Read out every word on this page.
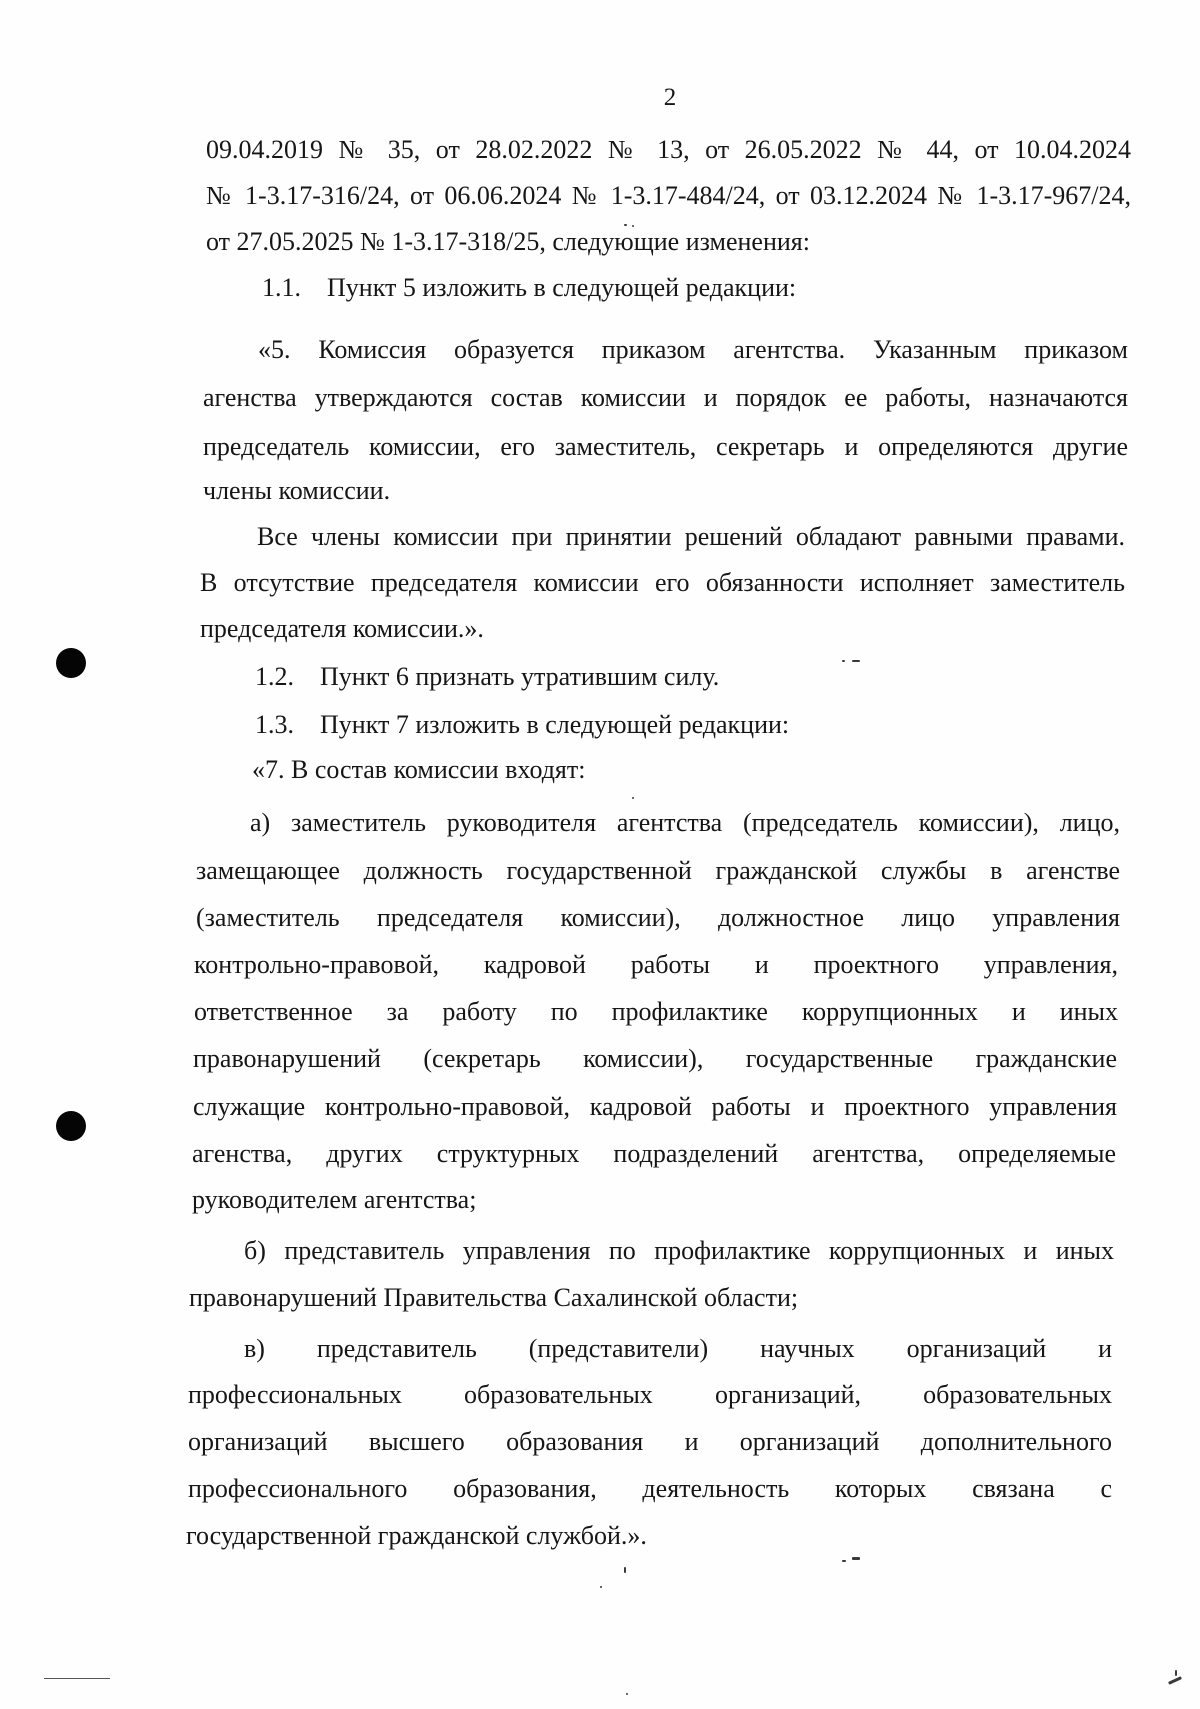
2
09.04.2019 № 35, от 28.02.2022 № 13, от 26.05.2022 № 44, от 10.04.2024
№ 1-3.17-316/24, от 06.06.2024 № 1-3.17-484/24, от 03.12.2024 № 1-3.17-967/24,
от 27.05.2025 № 1-3.17-318/25, следующие изменения:
1.1.    Пункт 5 изложить в следующей редакции:
«5. Комиссия образуется приказом агентства. Указанным приказом
агенства утверждаются состав комиссии и порядок ее работы, назначаются
председатель комиссии, его заместитель, секретарь и определяются другие
члены комиссии.
Все члены комиссии при принятии решений обладают равными правами.
В отсутствие председателя комиссии его обязанности исполняет заместитель
председателя комиссии.».
1.2.    Пункт 6 признать утратившим силу.
1.3.    Пункт 7 изложить в следующей редакции:
«7. В состав комиссии входят:
а) заместитель руководителя агентства (председатель комиссии), лицо,
замещающее должность государственной гражданской службы в агенстве
(заместитель председателя комиссии), должностное лицо управления
контрольно-правовой, кадровой работы и проектного управления,
ответственное за работу по профилактике коррупционных и иных
правонарушений (секретарь комиссии), государственные гражданские
служащие контрольно-правовой, кадровой работы и проектного управления
агенства, других структурных подразделений агентства, определяемые
руководителем агентства;
б) представитель управления по профилактике коррупционных и иных
правонарушений Правительства Сахалинской области;
в) представитель (представители) научных организаций и
профессиональных образовательных организаций, образовательных
организаций высшего образования и организаций дополнительного
профессионального образования, деятельность которых связана с
государственной гражданской службой.».
